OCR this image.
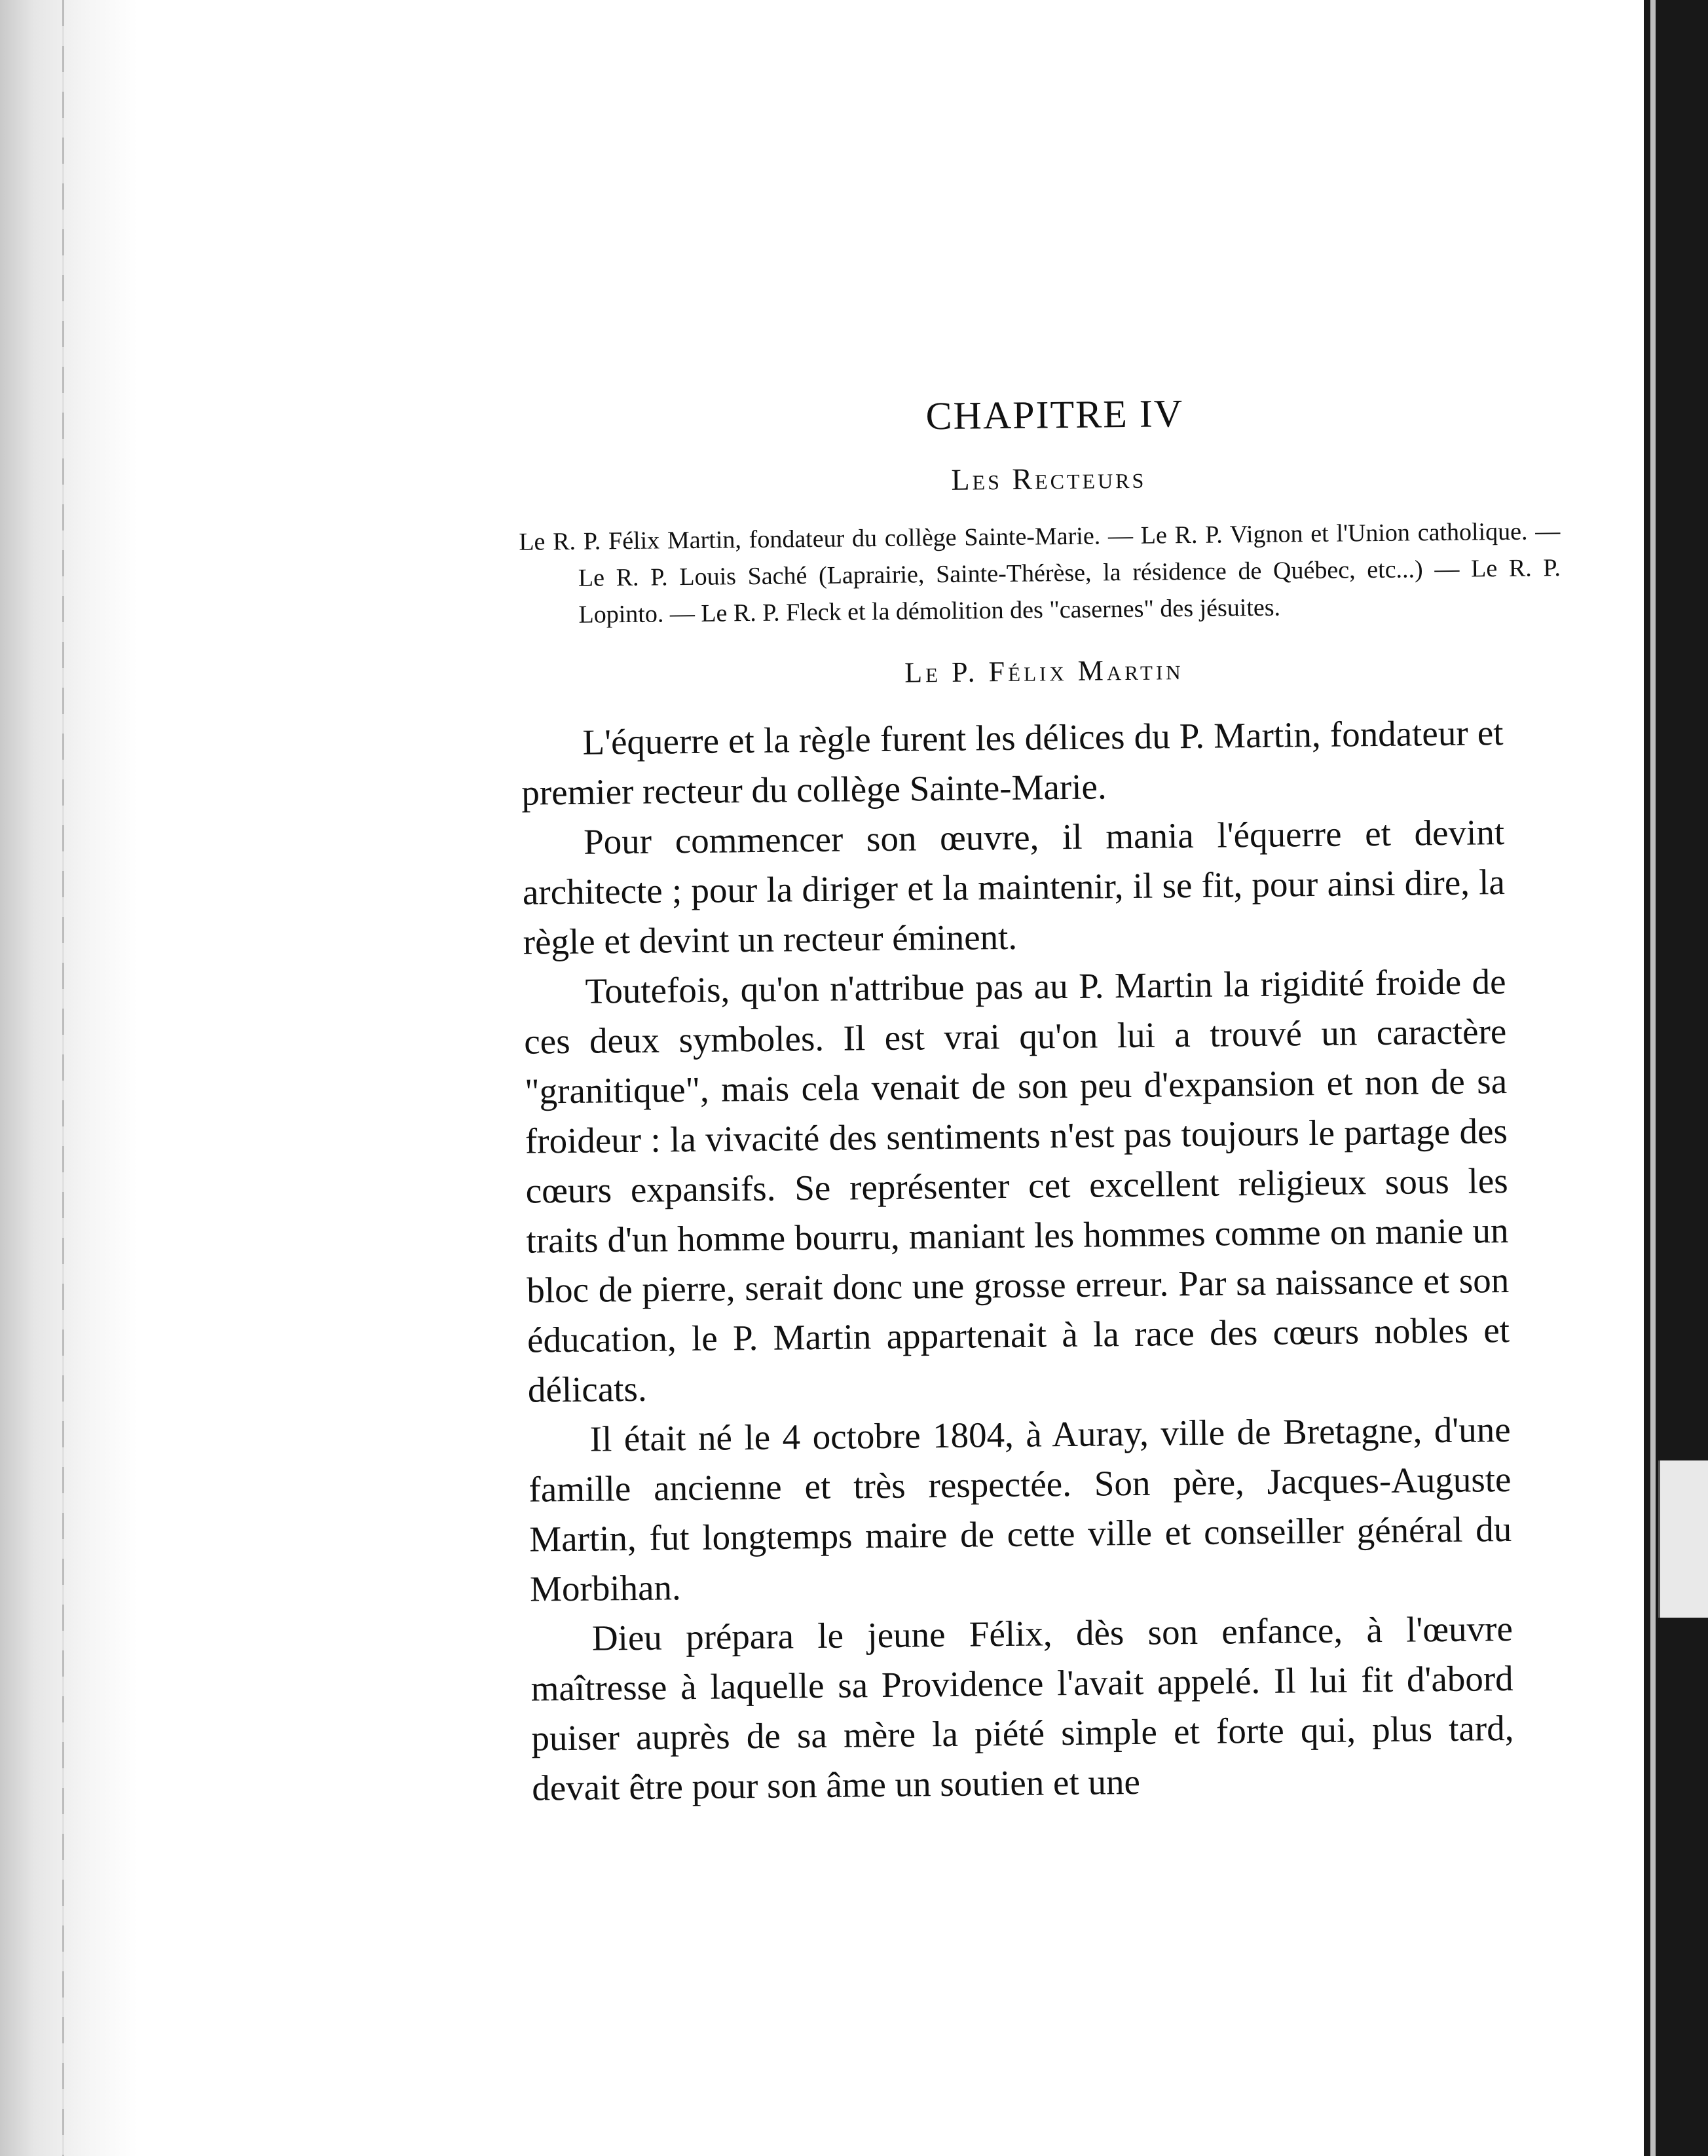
CHAPITRE IV
Les Recteurs

Le R. P. Félix Martin, fondateur du collège Sainte-Marie. — Le R. P. Vignon et l'Union catholique. — Le R. P. Louis Saché (Laprairie, Sainte-Thérèse, la résidence de Québec, etc...) — Le R. P. Lopinto. — Le R. P. Fleck et la démolition des "casernes" des jésuites.

Le P. Félix Martin

L'équerre et la règle furent les délices du P. Martin, fondateur et premier recteur du collège Sainte-Marie.

Pour commencer son œuvre, il mania l'équerre et devint architecte ; pour la diriger et la maintenir, il se fit, pour ainsi dire, la règle et devint un recteur éminent.

Toutefois, qu'on n'attribue pas au P. Martin la rigidité froide de ces deux symboles. Il est vrai qu'on lui a trouvé un caractère "granitique", mais cela venait de son peu d'expansion et non de sa froideur : la vivacité des sentiments n'est pas toujours le partage des cœurs expansifs. Se représenter cet excellent religieux sous les traits d'un homme bourru, maniant les hommes comme on manie un bloc de pierre, serait donc une grosse erreur. Par sa naissance et son éducation, le P. Martin appartenait à la race des cœurs nobles et délicats.

Il était né le 4 octobre 1804, à Auray, ville de Bretagne, d'une famille ancienne et très respectée. Son père, Jacques-Auguste Martin, fut longtemps maire de cette ville et conseiller général du Morbihan.

Dieu prépara le jeune Félix, dès son enfance, à l'œuvre maîtresse à laquelle sa Providence l'avait appelé. Il lui fit d'abord puiser auprès de sa mère la piété simple et forte qui, plus tard, devait être pour son âme un soutien et une
